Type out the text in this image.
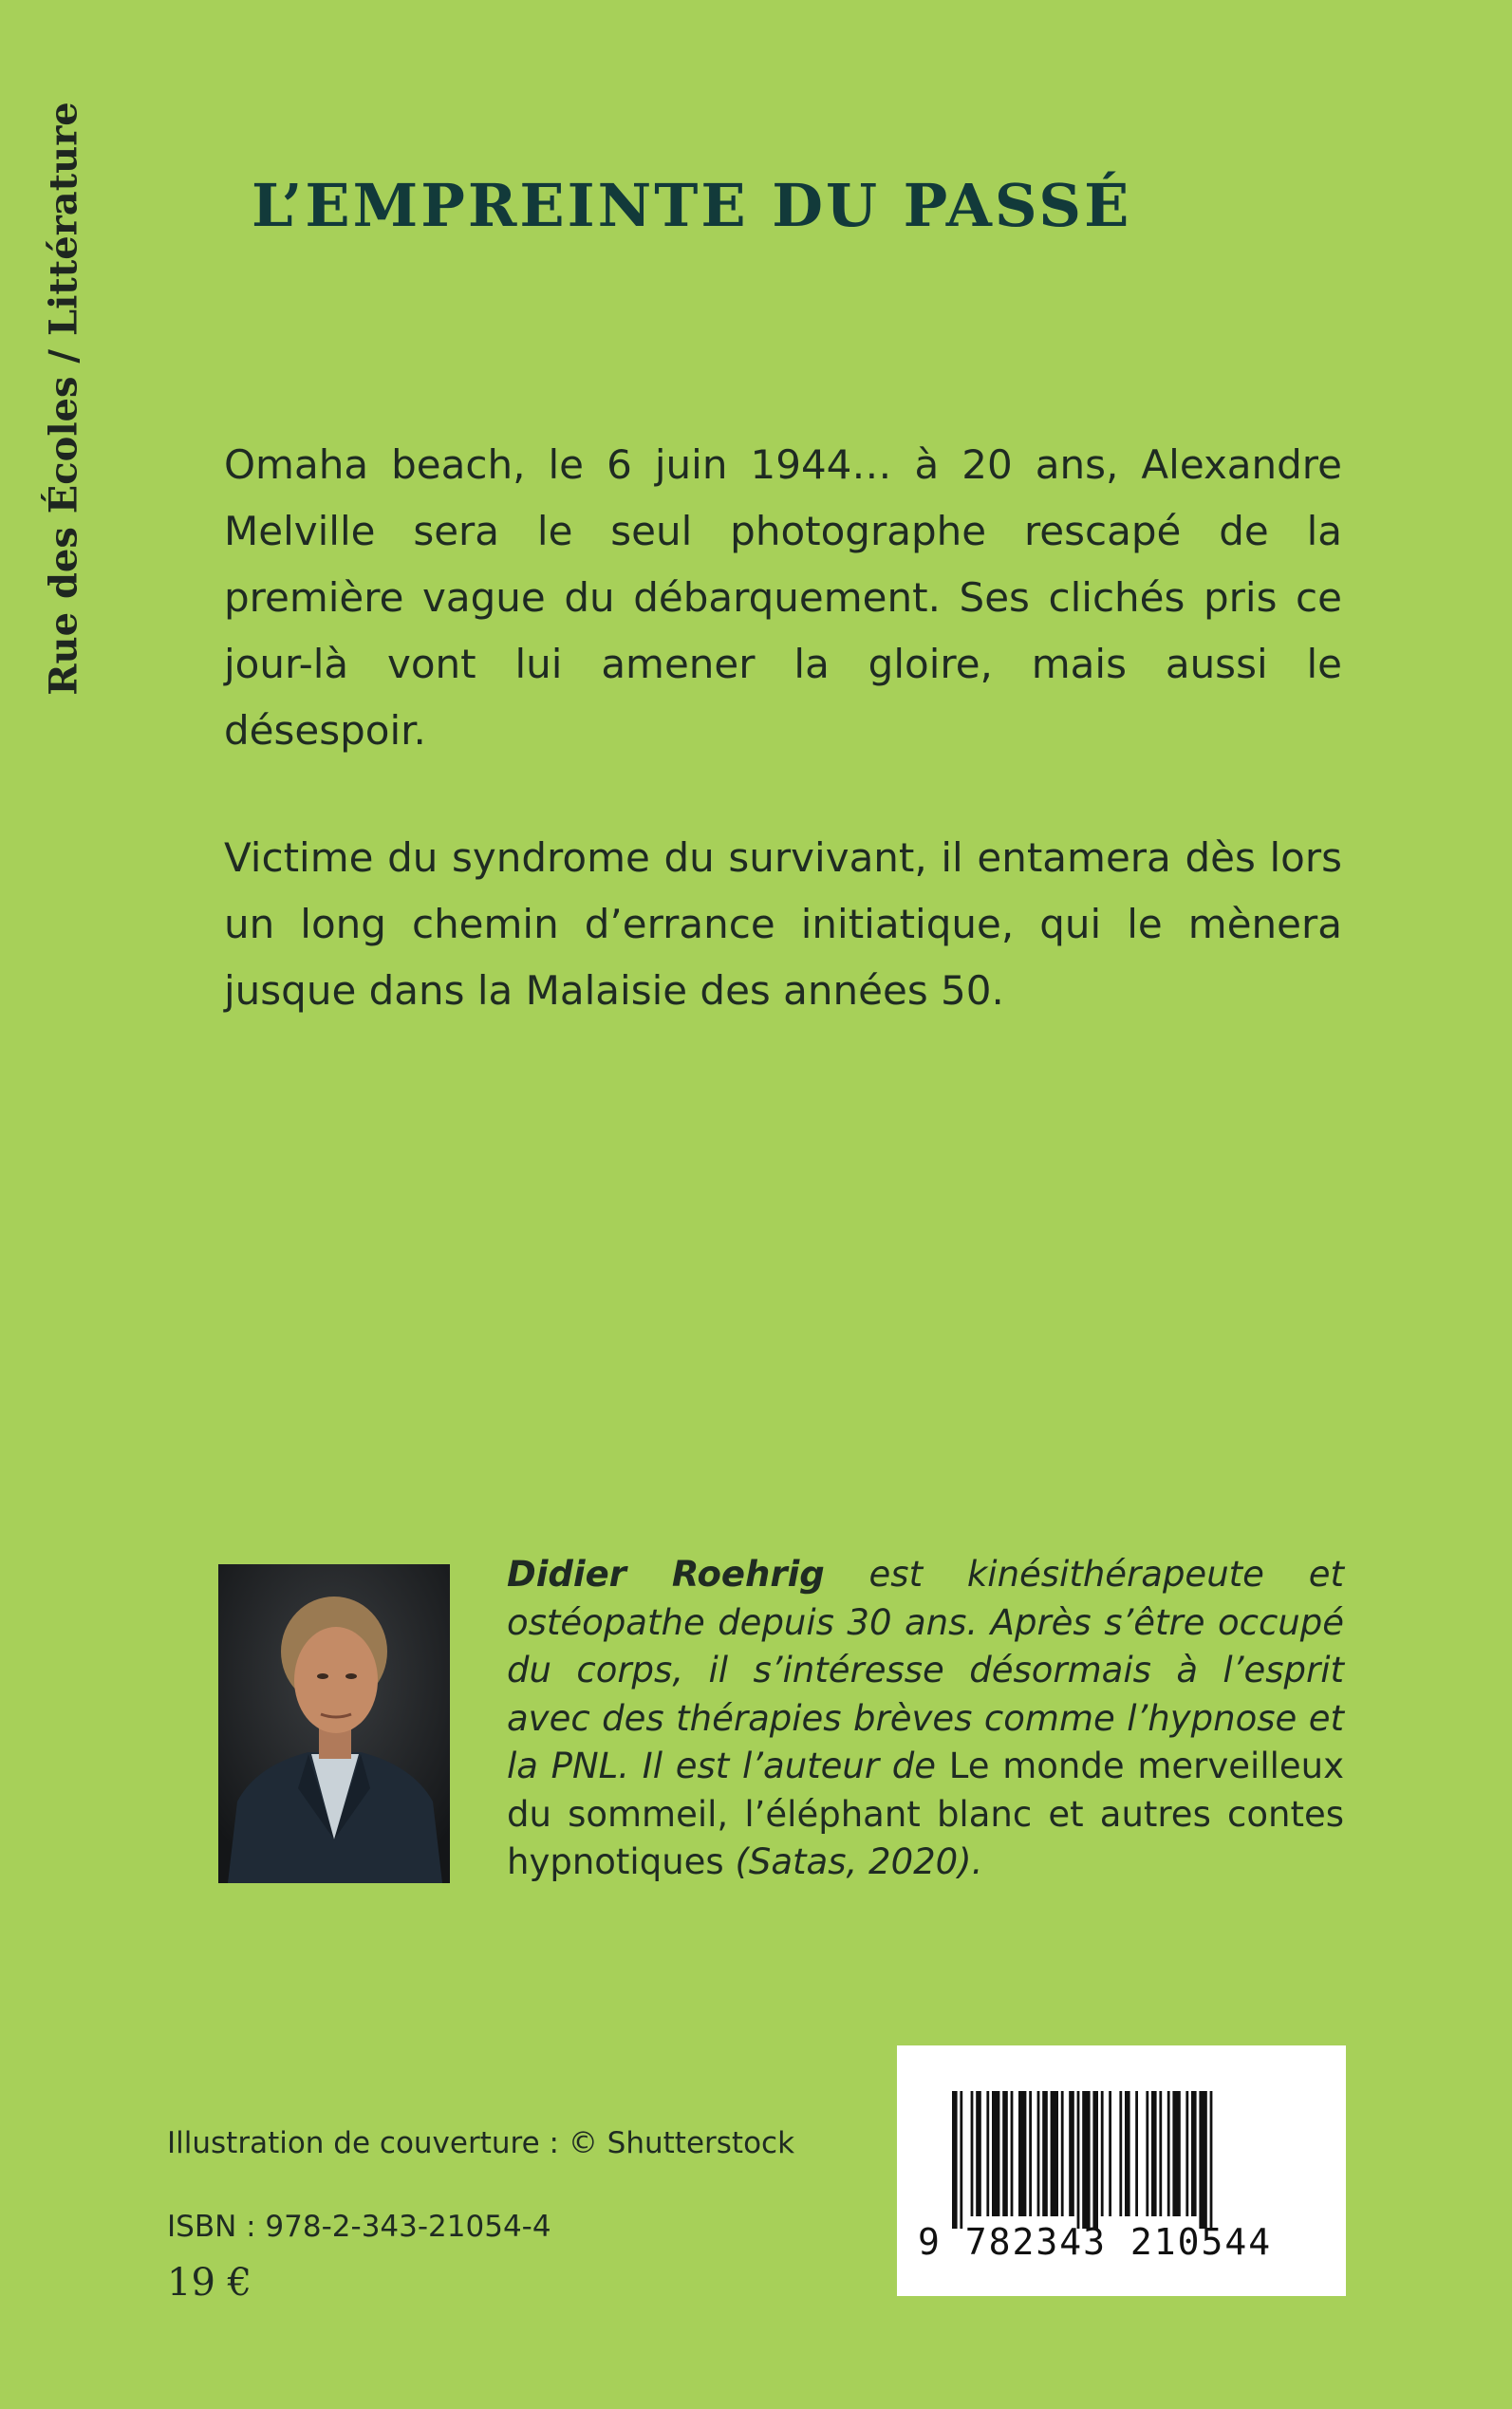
Rue des Écoles / Littérature	L’EMPREINTE DU PASSÉ

Omaha beach, le 6 juin 1944… à 20 ans, Alexandre Melville sera le seul photographe rescapé de la première vague du débarquement. Ses clichés pris ce jour-là vont lui amener la gloire, mais aussi le désespoir.

Victime du syndrome du survivant, il entamera dès lors un long chemin d’errance initiatique, qui le mènera jusque dans la Malaisie des années 50.

Didier Roehrig est kinésithérapeute et ostéopathe depuis 30 ans. Après s’être occupé du corps, il s’intéresse désormais à l’esprit avec des thérapies brèves comme l’hypnose et la PNL. Il est l’auteur de Le monde merveilleux du sommeil, l’éléphant blanc et autres contes hypnotiques (Satas, 2020).

Illustration de couverture : © Shutterstock
ISBN : 978-2-343-21054-4
19 €
9 782343 210544
